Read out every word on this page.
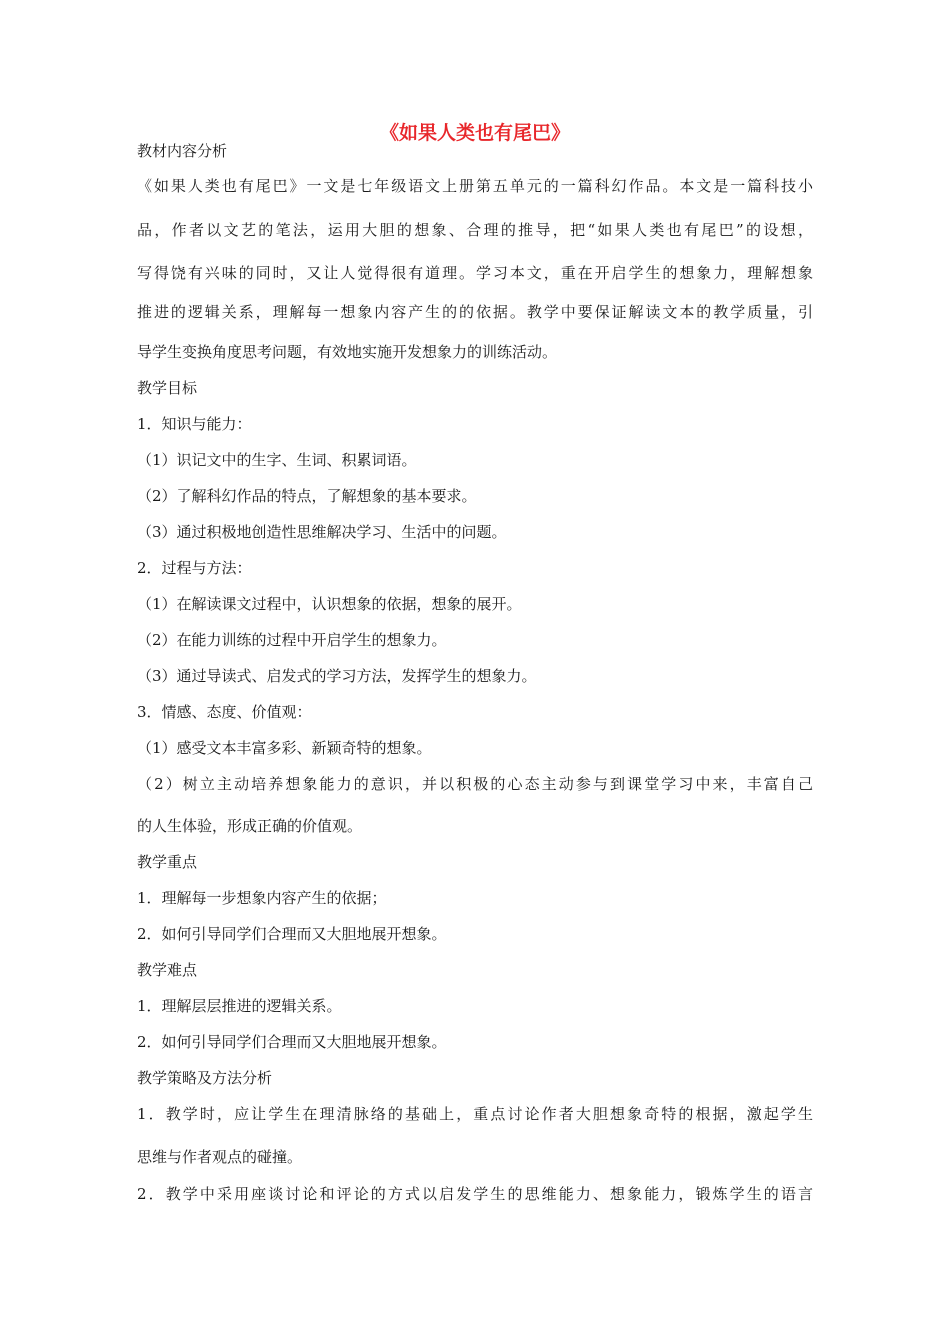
《如果人类也有尾巴》
教材内容分析
《如果人类也有尾巴》一文是七年级语文上册第五单元的一篇科幻作品。本文是一篇科技小
品，作者以文艺的笔法，运用大胆的想象、合理的推导，把“如果人类也有尾巴”的设想，
写得饶有兴味的同时，又让人觉得很有道理。学习本文，重在开启学生的想象力，理解想象
推进的逻辑关系，理解每一想象内容产生的的依据。教学中要保证解读文本的教学质量，引
导学生变换角度思考问题，有效地实施开发想象力的训练活动。
教学目标
1．知识与能力：
（1）识记文中的生字、生词、积累词语。
（2）了解科幻作品的特点，了解想象的基本要求。
（3）通过积极地创造性思维解决学习、生活中的问题。
2．过程与方法：
（1）在解读课文过程中，认识想象的依据，想象的展开。
（2）在能力训练的过程中开启学生的想象力。
（3）通过导读式、启发式的学习方法，发挥学生的想象力。
3．情感、态度、价值观：
（1）感受文本丰富多彩、新颖奇特的想象。
（2）树立主动培养想象能力的意识，并以积极的心态主动参与到课堂学习中来，丰富自己
的人生体验，形成正确的价值观。
教学重点
1．理解每一步想象内容产生的依据；
2．如何引导同学们合理而又大胆地展开想象。
教学难点
1．理解层层推进的逻辑关系。
2．如何引导同学们合理而又大胆地展开想象。
教学策略及方法分析
1．教学时，应让学生在理清脉络的基础上，重点讨论作者大胆想象奇特的根据，激起学生
思维与作者观点的碰撞。
2．教学中采用座谈讨论和评论的方式以启发学生的思维能力、想象能力，锻炼学生的语言
